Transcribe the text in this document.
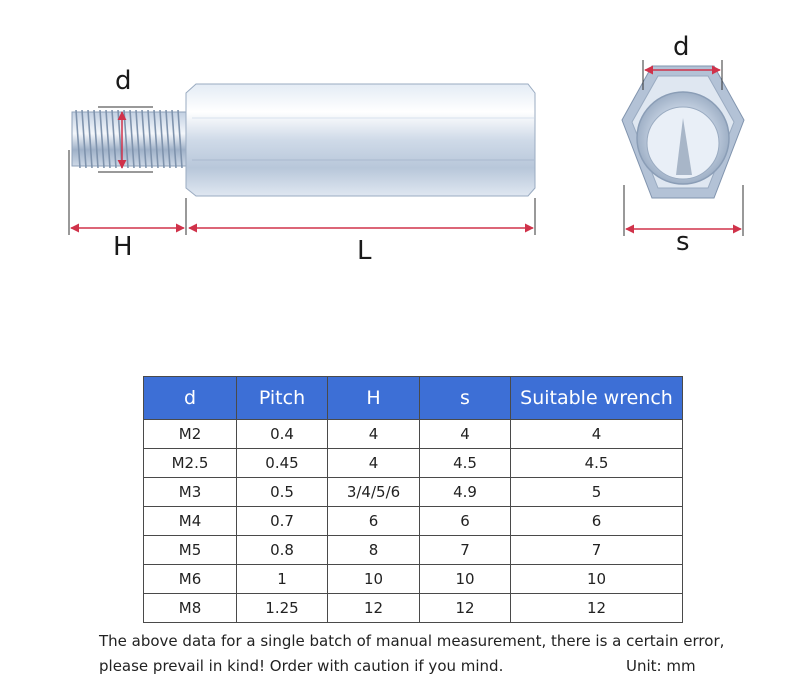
d
H	L
d
s
d	Pitch	H	s	Suitable wrench
M2	0.4	4	4	4
M2.5	0.45	4	4.5	4.5
M3	0.5	3/4/5/6	4.9	5
M4	0.7	6	6	6
M5	0.8	8	7	7
M6	1	10	10	10
M8	1.25	12	12	12
The above data for a single batch of manual measurement, there is a certain error,
please prevail in kind! Order with caution if you mind.	Unit: mm
